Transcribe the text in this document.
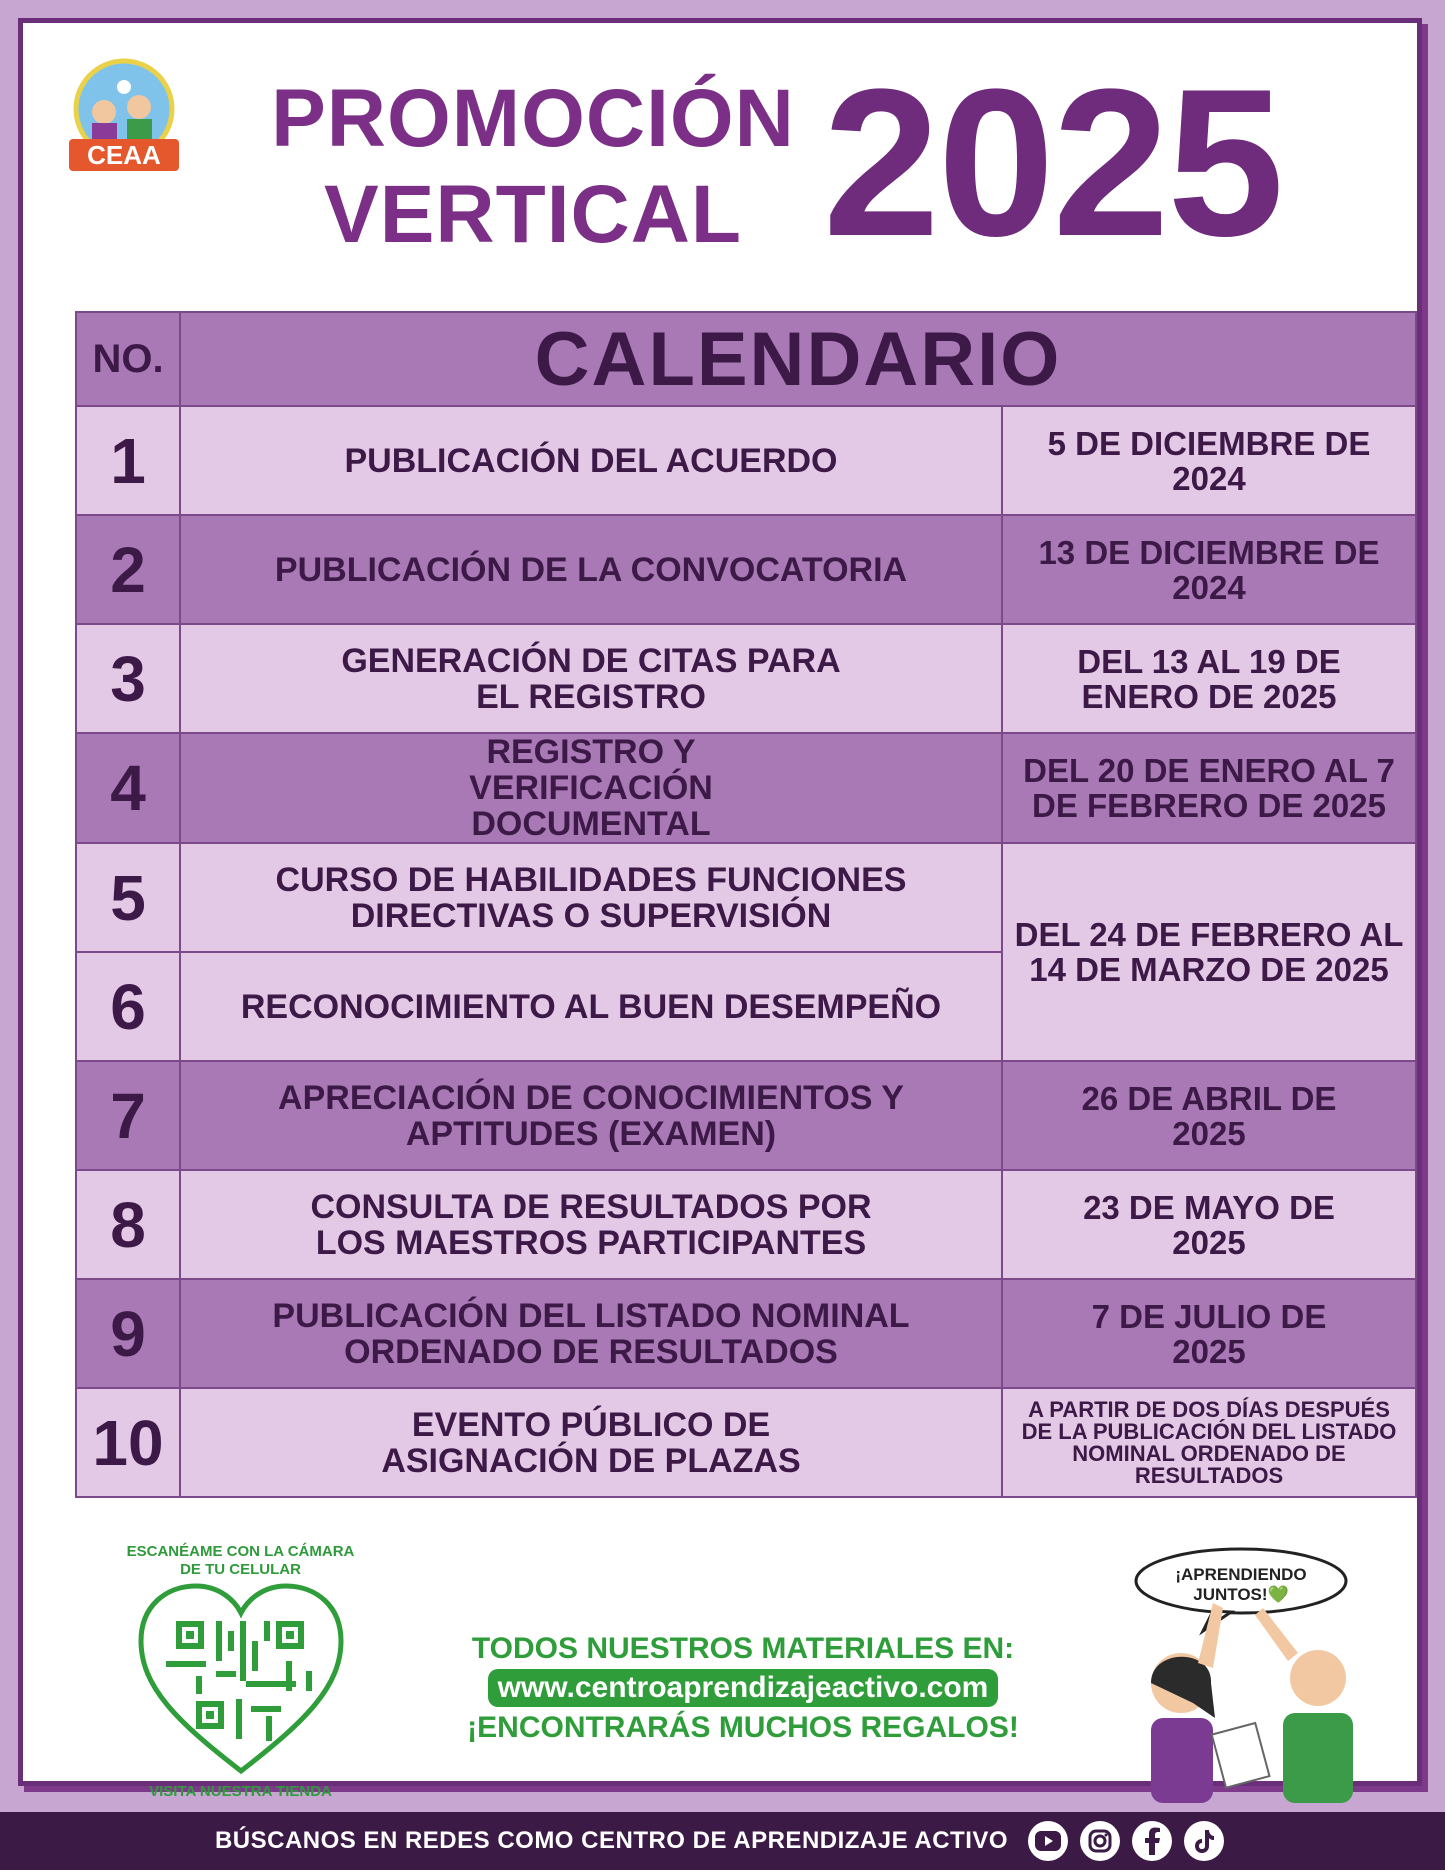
CEAA PROMOCIÓN
VERTICAL 2025
NO.	CALENDARIO	
1	PUBLICACIÓN DEL ACUERDO	5 DE DICIEMBRE DE 2024
2	PUBLICACIÓN DE LA CONVOCATORIA	13 DE DICIEMBRE DE 2024
3	GENERACIÓN DE CITAS PARA EL REGISTRO	DEL 13 AL 19 DE ENERO DE 2025
4	REGISTRO Y VERIFICACIÓN DOCUMENTAL	DEL 20 DE ENERO AL 7 DE FEBRERO DE 2025
5	CURSO DE HABILIDADES FUNCIONES DIRECTIVAS O SUPERVISIÓN	DEL 24 DE FEBRERO AL 14 DE MARZO DE 2025
6	RECONOCIMIENTO AL BUEN DESEMPEÑO	
7	APRECIACIÓN DE CONOCIMIENTOS Y APTITUDES (EXAMEN)	26 DE ABRIL DE 2025
8	CONSULTA DE RESULTADOS POR LOS MAESTROS PARTICIPANTES	23 DE MAYO DE 2025
9	PUBLICACIÓN DEL LISTADO NOMINAL ORDENADO DE RESULTADOS	7 DE JULIO DE 2025
10	EVENTO PÚBLICO DE ASIGNACIÓN DE PLAZAS	A PARTIR DE DOS DÍAS DESPUÉS DE LA PUBLICACIÓN DEL LISTADO NOMINAL ORDENADO DE RESULTADOS
ESCANÉAME CON LA CÁMARA DE TU CELULAR
VISITA NUESTRA TIENDA
TODOS NUESTROS MATERIALES EN:
www.centroaprendizajeactivo.com
¡ENCONTRARÁS MUCHOS REGALOS!
¡APRENDIENDO JUNTOS!💚
BÚSCANOS EN REDES COMO CENTRO DE APRENDIZAJE ACTIVO
